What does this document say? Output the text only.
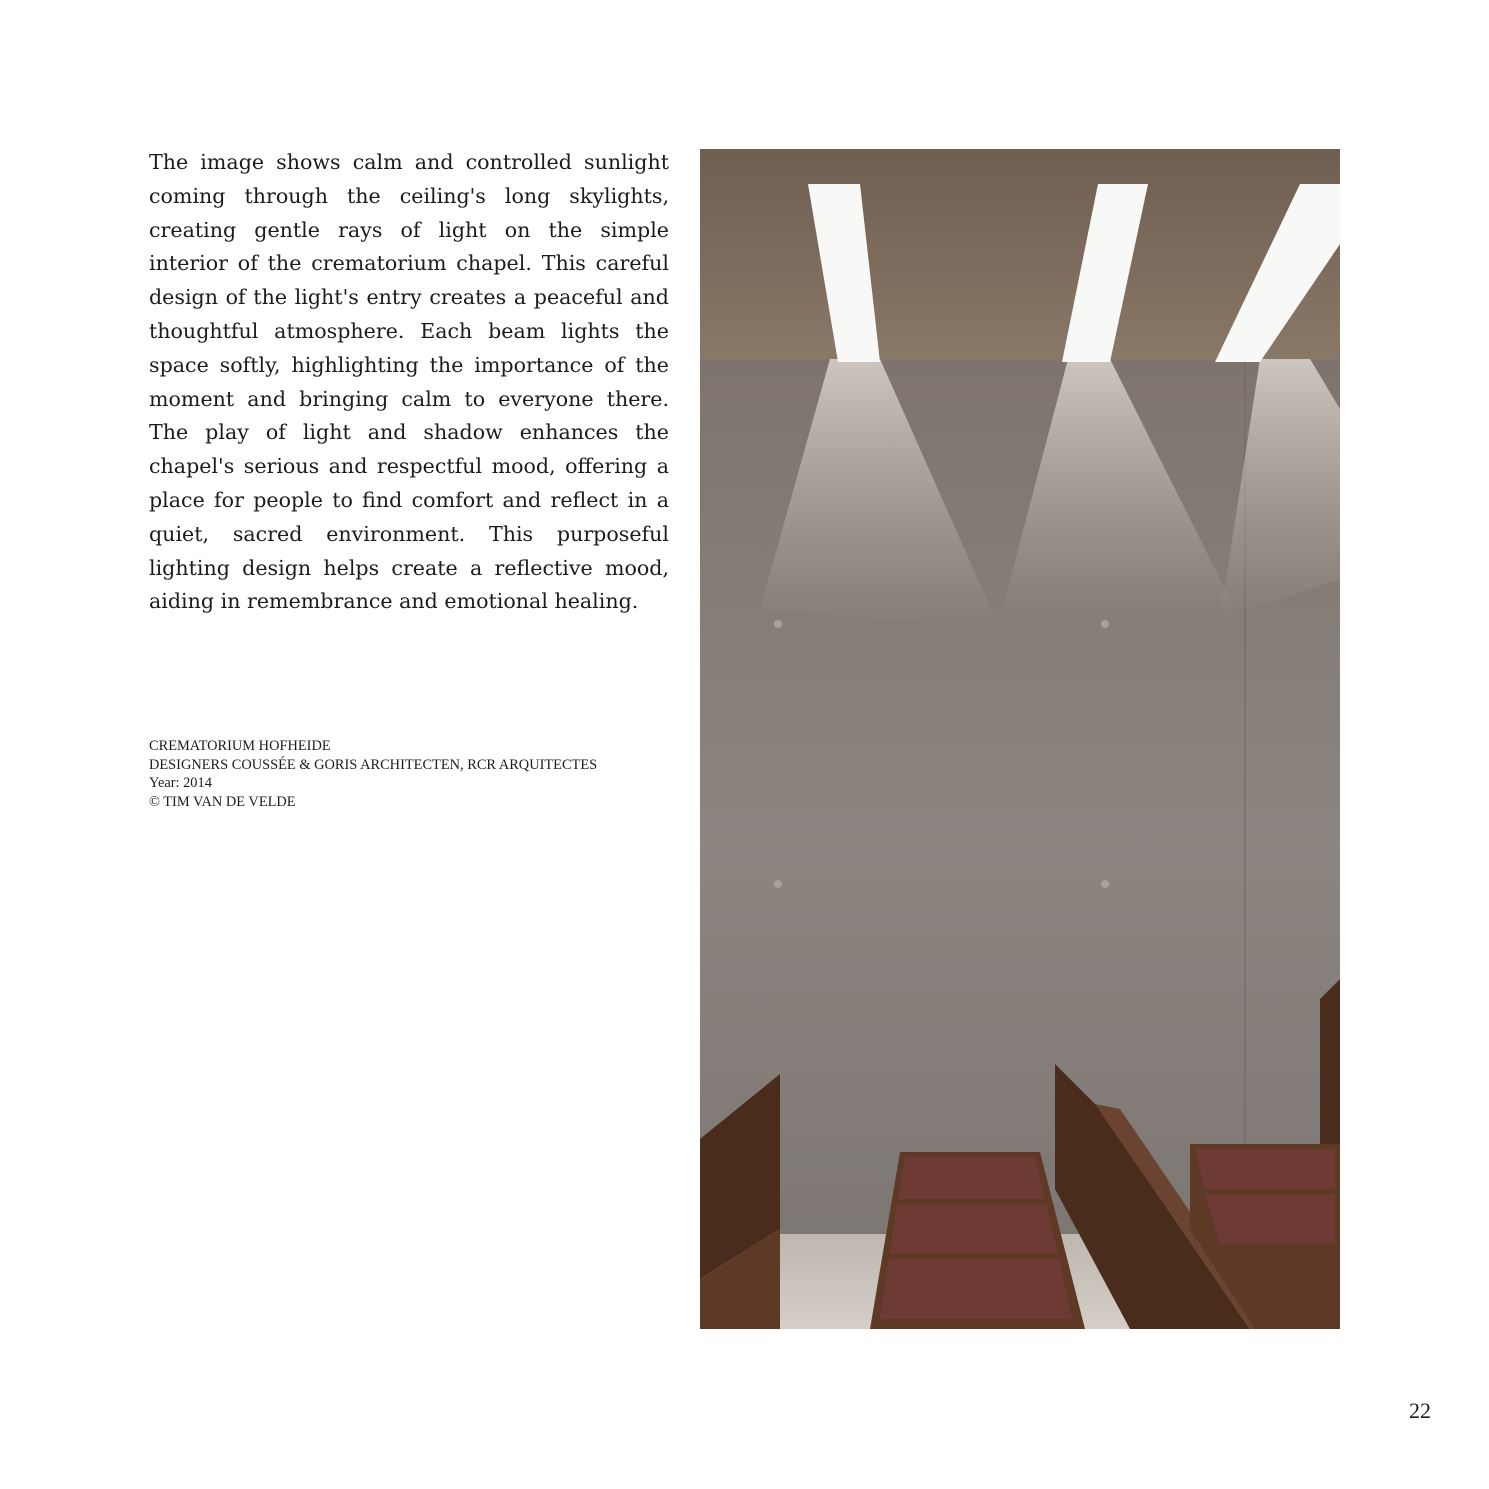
The image shows calm and controlled sunlight coming through the ceiling's long skylights, creating gentle rays of light on the simple interior of the crematorium chapel. This careful design of the light's entry creates a peaceful and thoughtful atmosphere. Each beam lights the space softly, highlighting the importance of the moment and bringing calm to everyone there. The play of light and shadow enhances the chapel's serious and respectful mood, offering a place for people to find comfort and reflect in a quiet, sacred environment. This purposeful lighting design helps create a reflective mood, aiding in remembrance and emotional healing.

CREMATORIUM HOFHEIDE
DESIGNERS COUSSÉE & GORIS ARCHITECTEN, RCR ARQUITECTES
Year: 2014
© TIM VAN DE VELDE
22
